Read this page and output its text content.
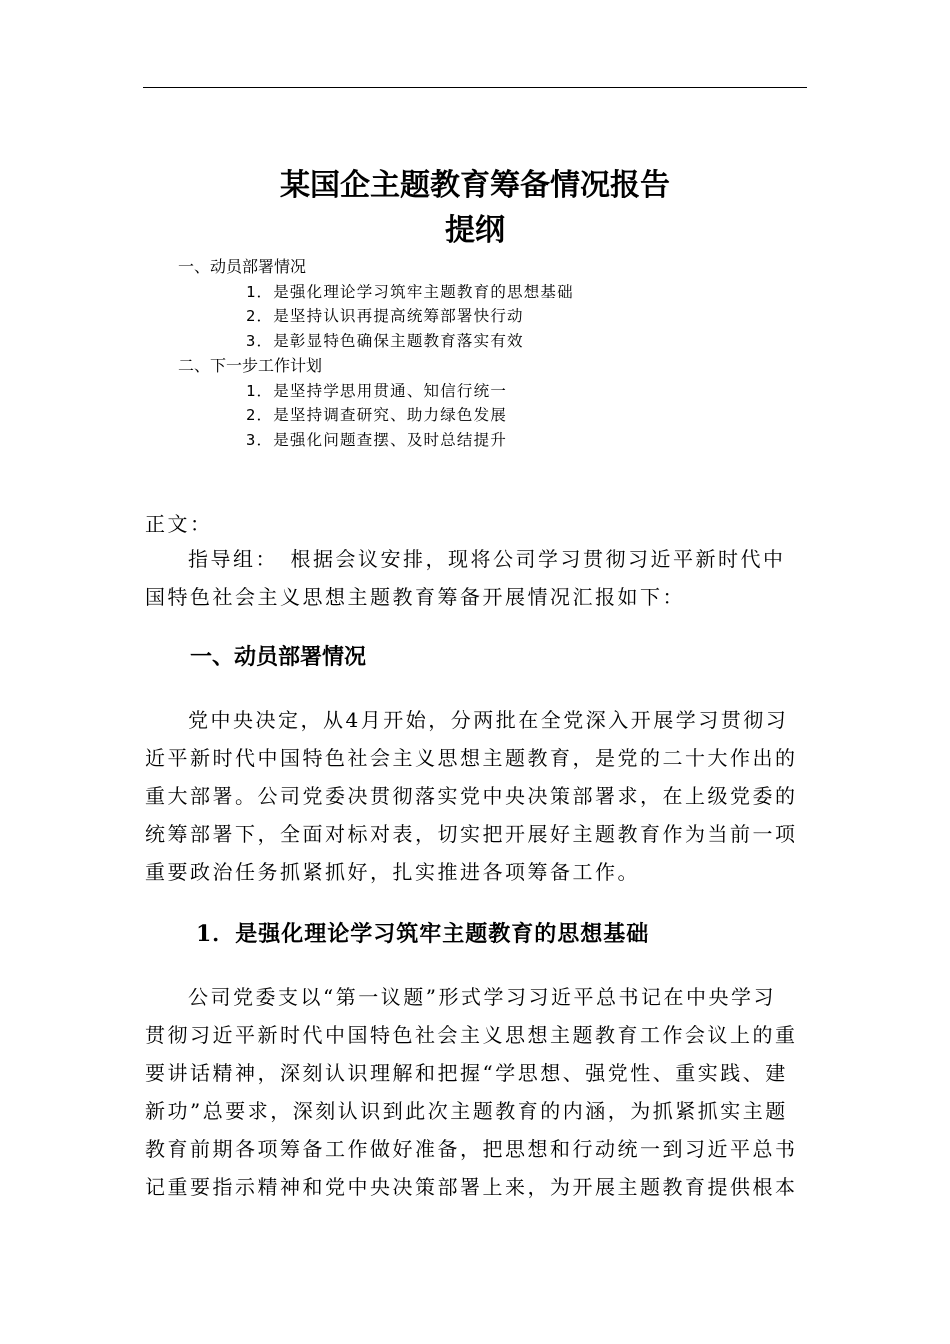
某国企主题教育筹备情况报告
提纲
一、动员部署情况
1．是强化理论学习筑牢主题教育的思想基础
2．是坚持认识再提高统筹部署快行动
3．是彰显特色确保主题教育落实有效
二、下一步工作计划
1．是坚持学思用贯通、知信行统一
2．是坚持调查研究、助力绿色发展
3．是强化问题查摆、及时总结提升
正文：
指导组：　根据会议安排，现将公司学习贯彻习近平新时代中
国特色社会主义思想主题教育筹备开展情况汇报如下：
一、动员部署情况
党中央决定，从4月开始，分两批在全党深入开展学习贯彻习
近平新时代中国特色社会主义思想主题教育，是党的二十大作出的
重大部署。公司党委决贯彻落实党中央决策部署求，在上级党委的
统筹部署下，全面对标对表，切实把开展好主题教育作为当前一项
重要政治任务抓紧抓好，扎实推进各项筹备工作。
1．是强化理论学习筑牢主题教育的思想基础
公司党委支以“第一议题”形式学习习近平总书记在中央学习
贯彻习近平新时代中国特色社会主义思想主题教育工作会议上的重
要讲话精神，深刻认识理解和把握“学思想、强党性、重实践、建
新功”总要求，深刻认识到此次主题教育的内涵，为抓紧抓实主题
教育前期各项筹备工作做好准备，把思想和行动统一到习近平总书
记重要指示精神和党中央决策部署上来，为开展主题教育提供根本
